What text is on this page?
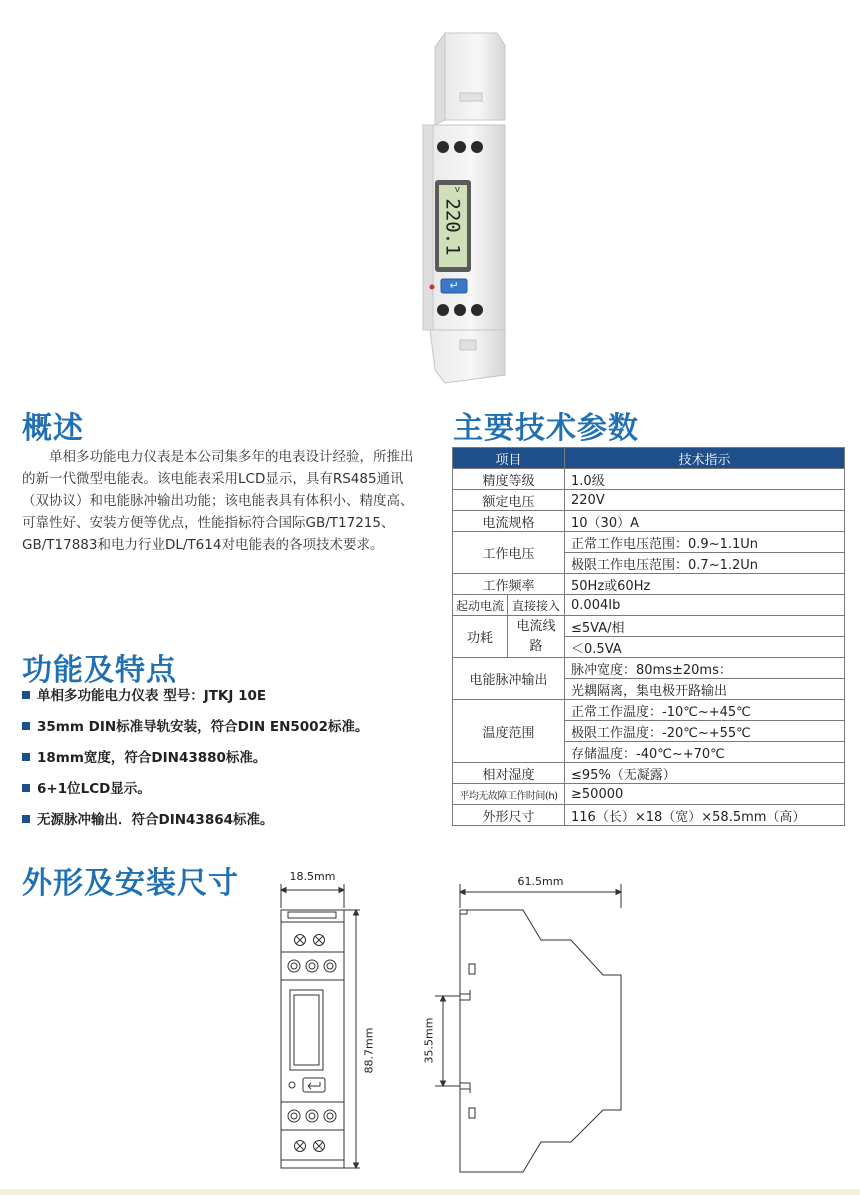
220.1
V
↵
概述
单相多功能电力仪表是本公司集多年的电表设计经验，所推出的新一代微型电能表。该电能表采用LCD显示，具有RS485通讯（双协议）和电能脉冲输出功能；该电能表具有体积小、精度高、可靠性好、安装方便等优点，性能指标符合国际GB/T17215、GB/T17883和电力行业DL/T614对电能表的各项技术要求。
功能及特点
单相多功能电力仪表 型号：JTKJ 10E
35mm DIN标准导轨安装，符合DIN EN5002标准。
18mm宽度，符合DIN43880标准。
6+1位LCD显示。
无源脉冲输出．符合DIN43864标准。
主要技术参数
项目		技术指示
精度等级		1.0级
额定电压		220V
电流规格		10（30）A
工作电压		正常工作电压范围：0.9~1.1Un
		极限工作电压范围：0.7~1.2Un
工作频率		50Hz或60Hz
起动电流	直接接入	0.004Ib
功耗	电流线路	≤5VA/相
		＜0.5VA
电能脉冲输出		脉冲宽度：80ms±20ms：
		光耦隔离，集电极开路输出
温度范围		正常工作温度：-10℃~+45℃
		极限工作温度：-20℃~+55℃
		存储温度：-40℃~+70℃
相对湿度		≤95%（无凝露）
平均无故障工作时间(h)		≥50000
外形尺寸		116（长）×18（宽）×58.5mm（高）
外形及安装尺寸	18.5mm
88.7mm
61.5mm
35.5mm
